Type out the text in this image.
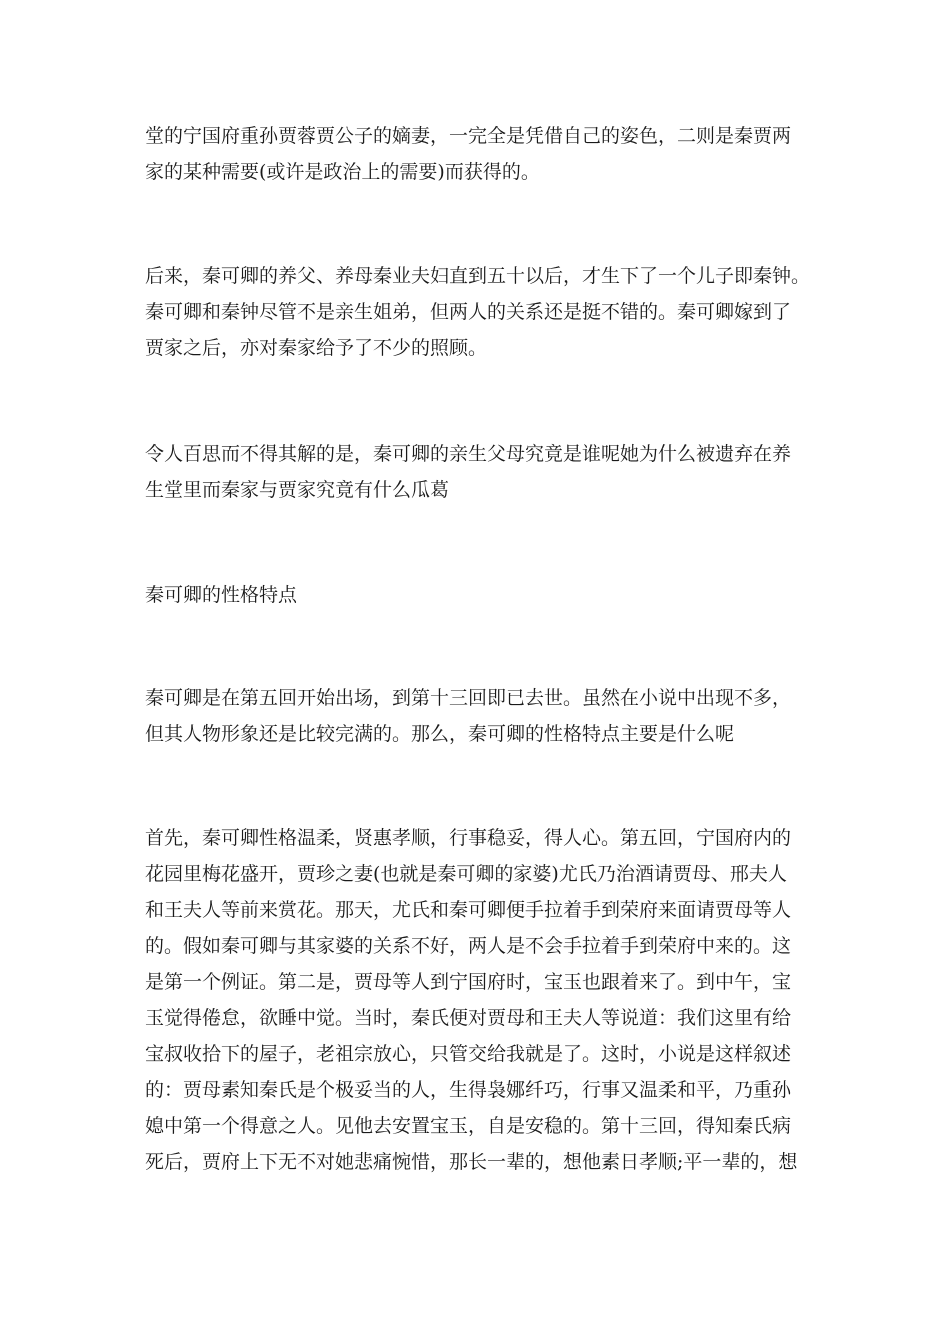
堂的宁国府重孙贾蓉贾公子的嫡妻，一完全是凭借自己的姿色，二则是秦贾两
家的某种需要(或许是政治上的需要)而获得的。
后来，秦可卿的养父、养母秦业夫妇直到五十以后，才生下了一个儿子即秦钟。
秦可卿和秦钟尽管不是亲生姐弟，但两人的关系还是挺不错的。秦可卿嫁到了
贾家之后，亦对秦家给予了不少的照顾。
令人百思而不得其解的是，秦可卿的亲生父母究竟是谁呢她为什么被遗弃在养
生堂里而秦家与贾家究竟有什么瓜葛
秦可卿的性格特点
秦可卿是在第五回开始出场，到第十三回即已去世。虽然在小说中出现不多，
但其人物形象还是比较完满的。那么，秦可卿的性格特点主要是什么呢
首先，秦可卿性格温柔，贤惠孝顺，行事稳妥，得人心。第五回，宁国府内的
花园里梅花盛开，贾珍之妻(也就是秦可卿的家婆)尤氏乃治酒请贾母、邢夫人
和王夫人等前来赏花。那天，尤氏和秦可卿便手拉着手到荣府来面请贾母等人
的。假如秦可卿与其家婆的关系不好，两人是不会手拉着手到荣府中来的。这
是第一个例证。第二是，贾母等人到宁国府时，宝玉也跟着来了。到中午，宝
玉觉得倦怠，欲睡中觉。当时，秦氏便对贾母和王夫人等说道：我们这里有给
宝叔收拾下的屋子，老祖宗放心，只管交给我就是了。这时，小说是这样叙述
的：贾母素知秦氏是个极妥当的人，生得袅娜纤巧，行事又温柔和平，乃重孙
媳中第一个得意之人。见他去安置宝玉，自是安稳的。第十三回，得知秦氏病
死后，贾府上下无不对她悲痛惋惜，那长一辈的，想他素日孝顺;平一辈的，想
